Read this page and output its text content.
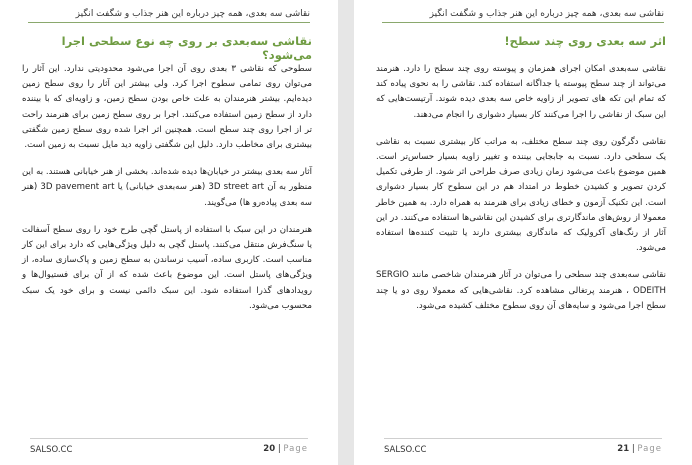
نقاشی سه بعدی، همه چیز درباره این هنر جذاب و شگفت انگیز
نقاشی سه‌بعدی بر روی چه نوع سطحی اجرا می‌شود؟

سطوحی که نقاشی ۳ بعدی روی آن اجرا می‌شود محدودیتی ندارد. این آثار را می‌توان روی تمامی سطوح اجرا کرد. ولی بیشتر این آثار را روی سطح زمین دیده‌ایم. بیشتر هنرمندان به علت خاص بودن سطح زمین، و زاویه‌ای که با بیننده دارد از سطح زمین استفاده می‌کنند. اجرا بر روی سطح زمین برای هنرمند راحت تر از اجرا روی چند سطح است. همچنین اثر اجرا شده روی سطح زمین شگفتی بیشتری برای مخاطب دارد. دلیل این شگفتی زاویه دید مایل نسبت به زمین است.

آثار سه بعدی بیشتر در خیابان‌ها دیده شده‌اند. بخشی از هنر خیابانی هستند. به این منظور به آن 3D street art (هنر سه‌بعدی خیابانی) یا 3D pavement art (هنر سه بعدی پیاده‌رو ها) می‌گویند.

هنرمندان در این سبک با استفاده از پاستل گچی طرح خود را روی سطح آسفالت یا سنگ‌فرش منتقل می‌کنند. پاستل گچی به دلیل ویژگی‌هایی که دارد برای این کار مناسب است. کاربری ساده، آسیب نرساندن به سطح زمین و پاک‌سازی ساده، از ویژگی‌های پاستل است. این موضوع باعث شده که از آن برای فستیوال‌ها و رویدادهای گذرا استفاده شود. این سبک دائمی نیست و برای خود یک سبک محسوب می‌شود.

SALSO.CC	20 | Page
نقاشی سه بعدی، همه چیز درباره این هنر جذاب و شگفت انگیز
اثر سه بعدی روی چند سطح!

نقاشی سه‌بعدی امکان اجرای همزمان و پیوسته روی چند سطح را دارد. هنرمند می‌تواند از چند سطح پیوسته یا جداگانه استفاده کند. نقاشی را به نحوی پیاده کند که تمام این تکه های تصویر از زاویه خاص سه بعدی دیده شوند. آرتیست‌هایی که این سبک از نقاشی را اجرا می‌کنند کار بسیار دشواری را انجام می‌دهند.

نقاشی دگرگون روی چند سطح مختلف، به مراتب کار بیشتری نسبت به نقاشی یک سطحی دارد. نسبت به جابجایی بیننده و تغییر زاویه بسیار حساس‌تر است. همین موضوع باعث می‌شود زمان زیادی صرف طراحی اثر شود. از طرفی تکمیل کردن تصویر و کشیدن خطوط در امتداد هم در این سطوح کار بسیار دشواری است. این تکنیک آزمون و خطای زیادی برای هنرمند به همراه دارد. به همین خاطر معمولا از روش‌های ماندگارتری برای کشیدن این نقاشی‌ها استفاده می‌کنند. در این آثار از رنگ‌های آکرولیک که ماندگاری بیشتری دارند یا تثبیت کننده‌ها استفاده می‌شود.

نقاشی سه‌بعدی چند سطحی را می‌توان در آثار هنرمندان شاخصی مانند SERGIO ODEITH ، هنرمند پرتغالی مشاهده کرد. نقاشی‌هایی که معمولا روی دو یا چند سطح اجرا می‌شود و سایه‌های آن روی سطوح مختلف کشیده می‌شود.

SALSO.CC	21 | Page
